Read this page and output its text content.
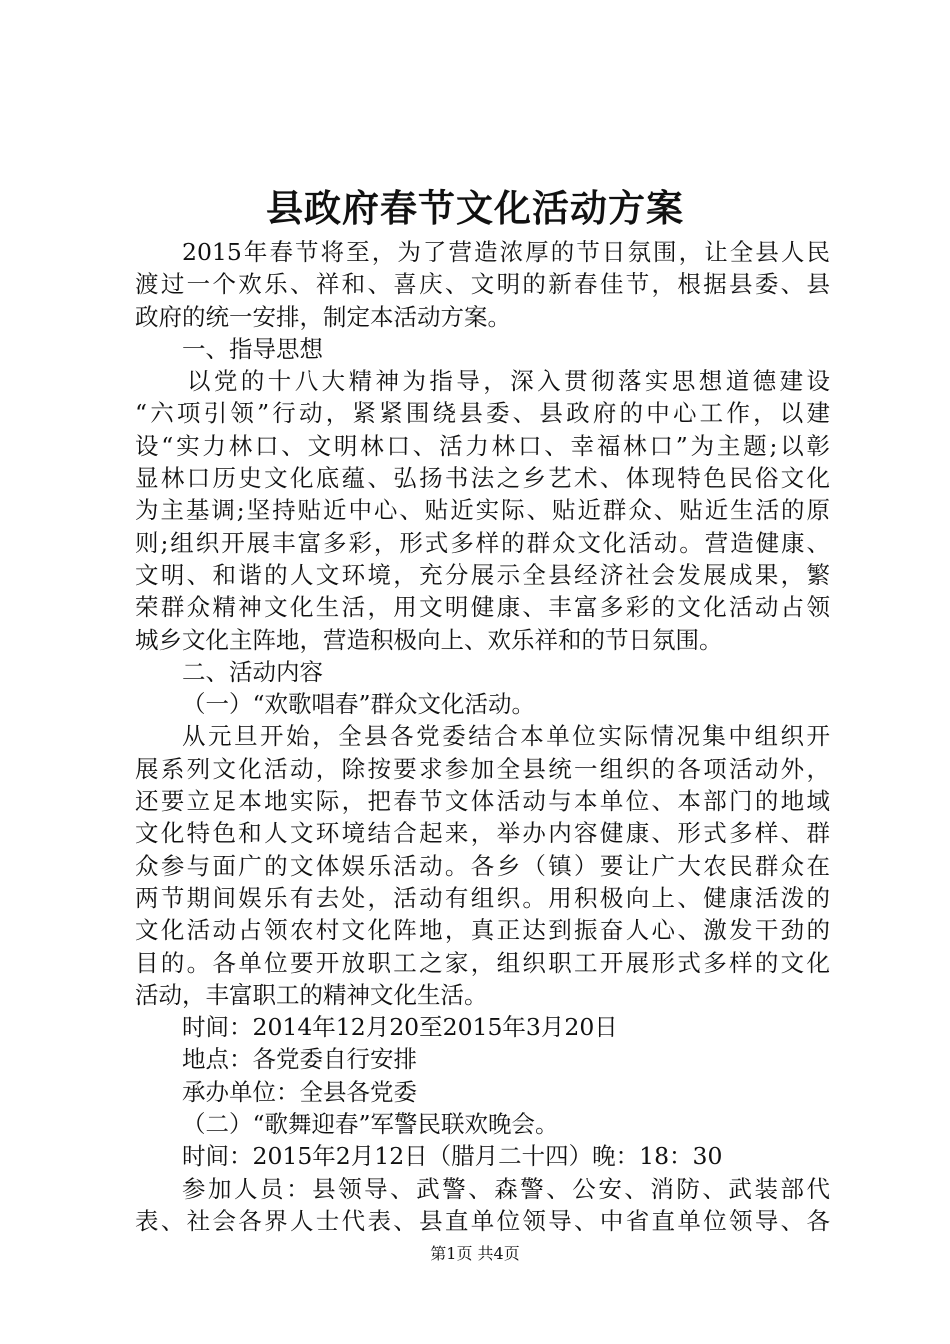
县政府春节文化活动方案
2015年春节将至，为了营造浓厚的节日氛围，让全县人民
渡过一个欢乐、祥和、喜庆、文明的新春佳节，根据县委、县
政府的统一安排，制定本活动方案。
一、指导思想
以党的十八大精神为指导，深入贯彻落实思想道德建设
“六项引领”行动，紧紧围绕县委、县政府的中心工作，以建
设“实力林口、文明林口、活力林口、幸福林口”为主题;以彰
显林口历史文化底蕴、弘扬书法之乡艺术、体现特色民俗文化
为主基调;坚持贴近中心、贴近实际、贴近群众、贴近生活的原
则;组织开展丰富多彩，形式多样的群众文化活动。营造健康、
文明、和谐的人文环境，充分展示全县经济社会发展成果，繁
荣群众精神文化生活，用文明健康、丰富多彩的文化活动占领
城乡文化主阵地，营造积极向上、欢乐祥和的节日氛围。
二、活动内容
（一）“欢歌唱春”群众文化活动。
从元旦开始，全县各党委结合本单位实际情况集中组织开
展系列文化活动，除按要求参加全县统一组织的各项活动外，
还要立足本地实际，把春节文体活动与本单位、本部门的地域
文化特色和人文环境结合起来，举办内容健康、形式多样、群
众参与面广的文体娱乐活动。各乡（镇）要让广大农民群众在
两节期间娱乐有去处，活动有组织。用积极向上、健康活泼的
文化活动占领农村文化阵地，真正达到振奋人心、激发干劲的
目的。各单位要开放职工之家，组织职工开展形式多样的文化
活动，丰富职工的精神文化生活。
时间：2014年12月20至2015年3月20日
地点：各党委自行安排
承办单位：全县各党委
（二）“歌舞迎春”军警民联欢晚会。
时间：2015年2月12日（腊月二十四）晚：18：30
参加人员：县领导、武警、森警、公安、消防、武装部代
表、社会各界人士代表、县直单位领导、中省直单位领导、各
第1页 共4页
